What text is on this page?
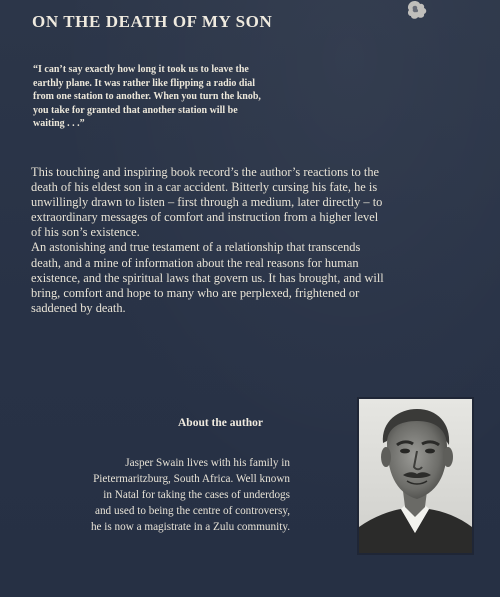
ON THE DEATH OF MY SON
“I can’t say exactly how long it took us to leave the
earthly plane. It was rather like flipping a radio dial
from one station to another. When you turn the knob,
you take for granted that another station will be
waiting . . .”
This touching and inspiring book record’s the author’s reactions to the
death of his eldest son in a car accident. Bitterly cursing his fate, he is
unwillingly drawn to listen – first through a medium, later directly – to
extraordinary messages of comfort and instruction from a higher level
of his son’s existence.
An astonishing and true testament of a relationship that transcends
death, and a mine of information about the real reasons for human
existence, and the spiritual laws that govern us. It has brought, and will
bring, comfort and hope to many who are perplexed, frightened or
saddened by death.
About the author
Jasper Swain lives with his family in
Pietermaritzburg, South Africa. Well known
in Natal for taking the cases of underdogs
and used to being the centre of controversy,
he is now a magistrate in a Zulu community.
